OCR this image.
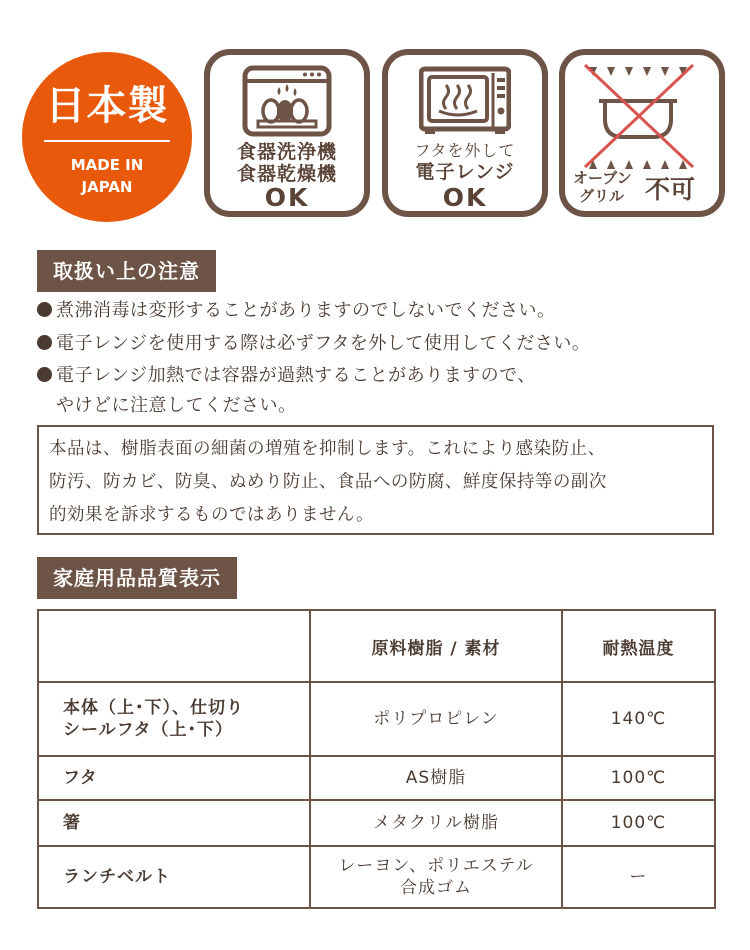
日本製
MADE IN
JAPAN
食器洗浄機
食器乾燥機
OK
フタを外して
電子レンジ
OK
オーブン
グリル 不可
取扱い上の注意
煮沸消毒は変形することがありますのでしないでください。
電子レンジを使用する際は必ずフタを外して使用してください。
電子レンジ加熱では容器が過熱することがありますので、
やけどに注意してください。
本品は、樹脂表面の細菌の増殖を抑制します。これにより感染防止、
防汚、防カビ、防臭、ぬめり防止、食品への防腐、鮮度保持等の副次
的効果を訴求するものではありません。
家庭用品品質表示
	原料樹脂 / 素材	耐熱温度

本体（上･下）、仕切り
シールフタ（上･下）	ポリプロピレン	140℃
フタ	AS樹脂	100℃
箸	メタクリル樹脂	100℃
ランチベルト	レーヨン、ポリエステル
合成ゴム	ー
